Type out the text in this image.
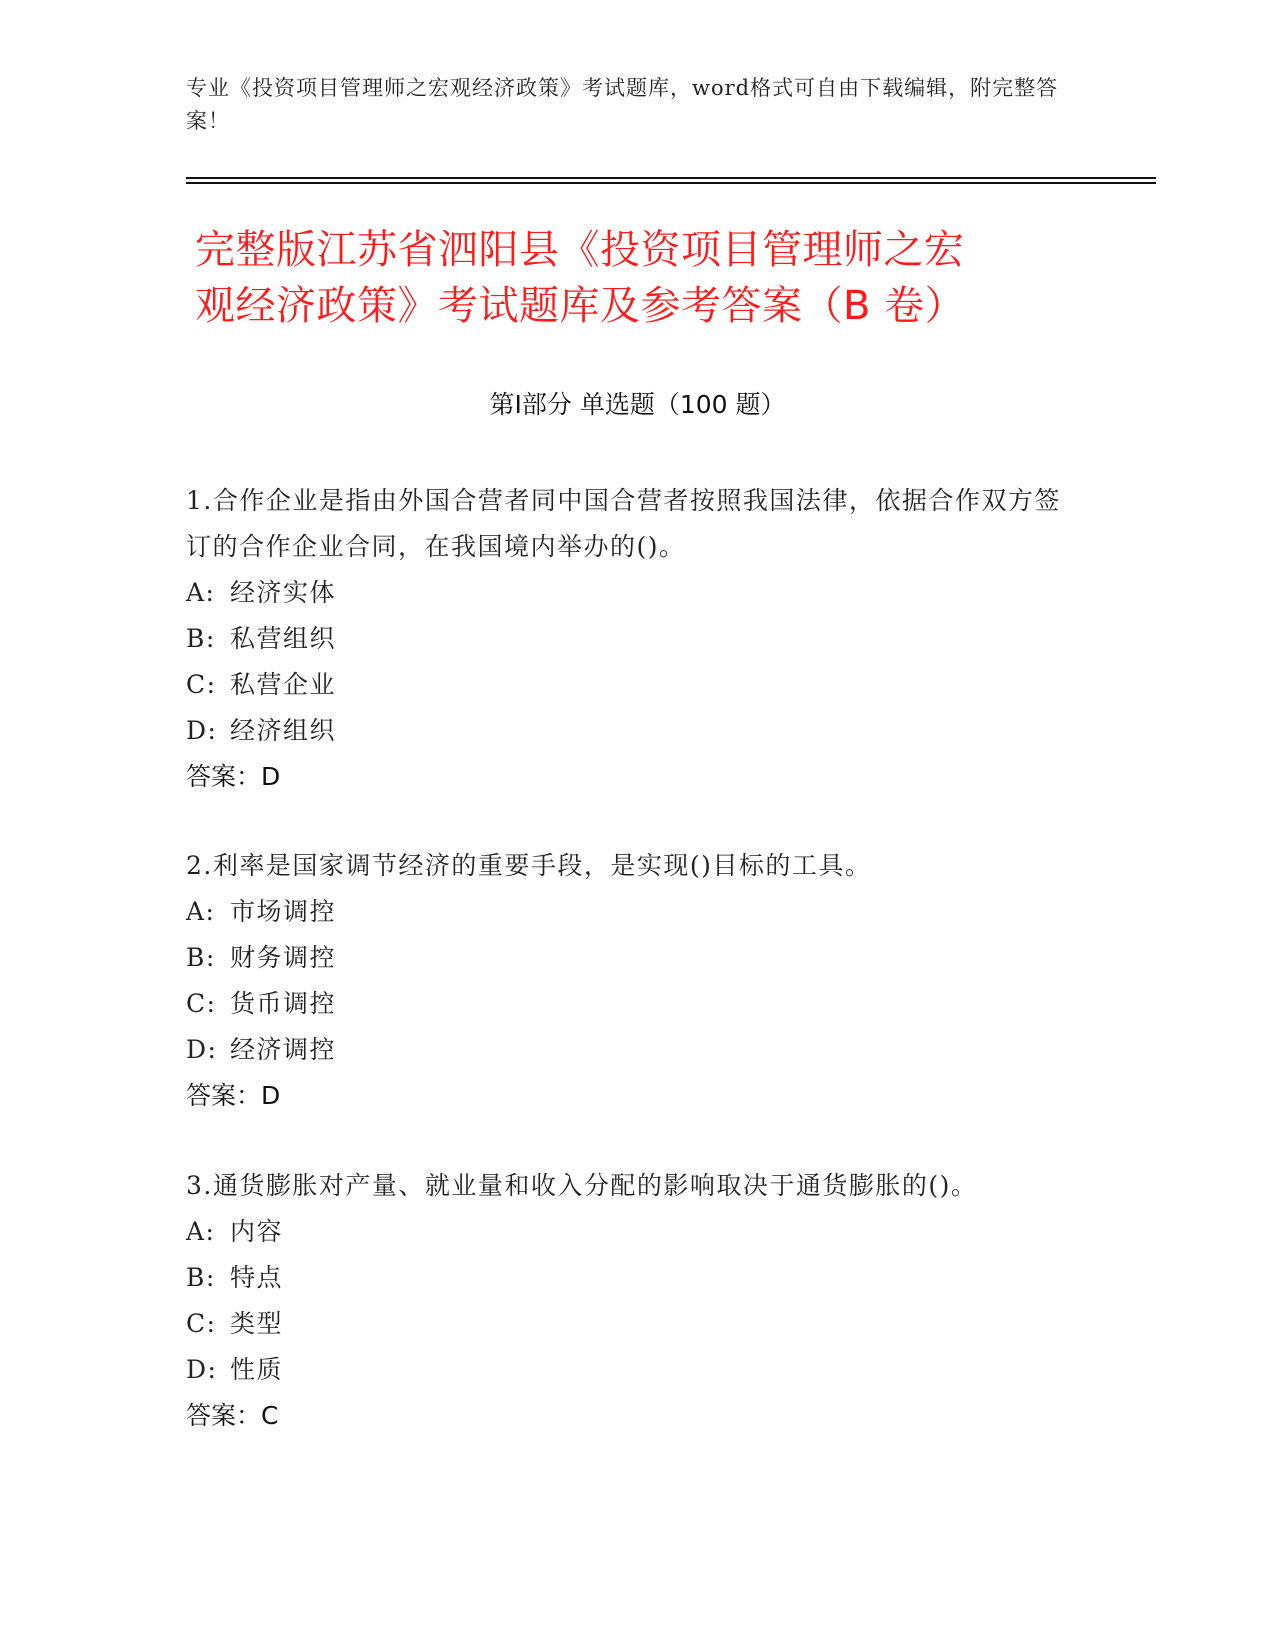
专业《投资项目管理师之宏观经济政策》考试题库，word格式可自由下载编辑，附完整答案！
完整版江苏省泗阳县《投资项目管理师之宏
观经济政策》考试题库及参考答案（B 卷）
第Ⅰ部分 单选题（100 题）

1.合作企业是指由外国合营者同中国合营者按照我国法律，依据合作双方签订的合作企业合同，在我国境内举办的()。

A: 经济实体
B: 私营组织
C: 私营企业
D: 经济组织
答案：D

2.利率是国家调节经济的重要手段，是实现()目标的工具。

A: 市场调控
B: 财务调控
C: 货币调控
D: 经济调控
答案：D

3.通货膨胀对产量、就业量和收入分配的影响取决于通货膨胀的()。

A: 内容
B: 特点
C: 类型
D: 性质
答案：C
